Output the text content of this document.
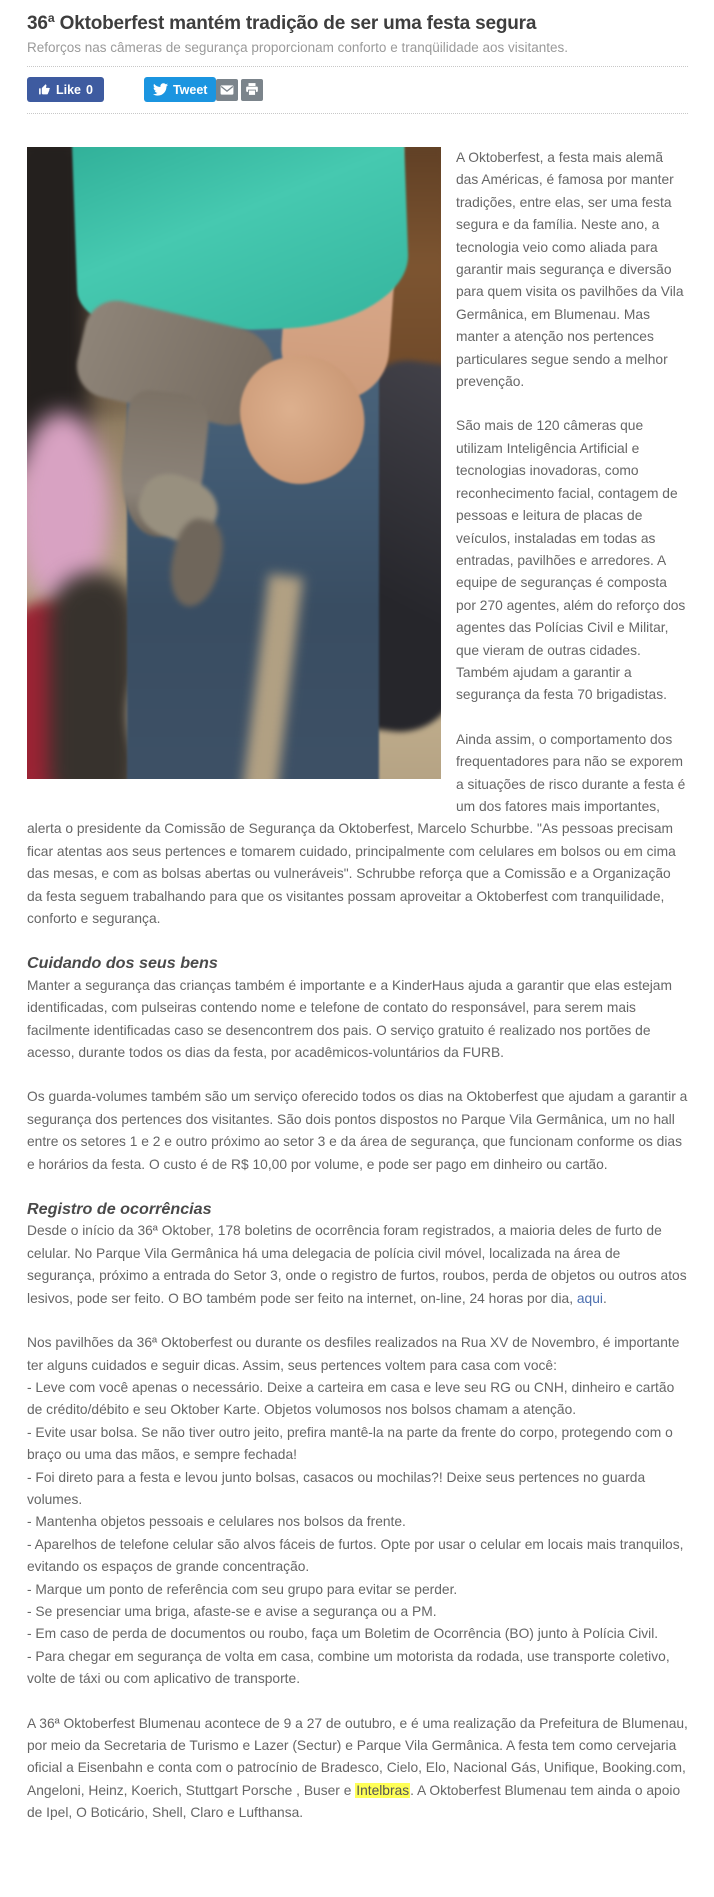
36ª Oktoberfest mantém tradição de ser uma festa segura

Reforços nas câmeras de segurança proporcionam conforto e tranqüilidade aos visitantes.

Like 0	Tweet

A Oktoberfest, a festa mais alemã das Américas, é famosa por manter tradições, entre elas, ser uma festa segura e da família. Neste ano, a tecnologia veio como aliada para garantir mais segurança e diversão para quem visita os pavilhões da Vila Germânica, em Blumenau. Mas manter a atenção nos pertences particulares segue sendo a melhor prevenção.

São mais de 120 câmeras que utilizam Inteligência Artificial e tecnologias inovadoras, como reconhecimento facial, contagem de pessoas e leitura de placas de veículos, instaladas em todas as entradas, pavilhões e arredores. A equipe de seguranças é composta por 270 agentes, além do reforço dos agentes das Polícias Civil e Militar, que vieram de outras cidades. Também ajudam a garantir a segurança da festa 70 brigadistas.

Ainda assim, o comportamento dos frequentadores para não se exporem a situações de risco durante a festa é um dos fatores mais importantes, alerta o presidente da Comissão de Segurança da Oktoberfest, Marcelo Schurbbe. "As pessoas precisam ficar atentas aos seus pertences e tomarem cuidado, principalmente com celulares em bolsos ou em cima das mesas, e com as bolsas abertas ou vulneráveis". Schrubbe reforça que a Comissão e a Organização da festa seguem trabalhando para que os visitantes possam aproveitar a Oktoberfest com tranquilidade, conforto e segurança.

Cuidando dos seus bens

Manter a segurança das crianças também é importante e a KinderHaus ajuda a garantir que elas estejam identificadas, com pulseiras contendo nome e telefone de contato do responsável, para serem mais facilmente identificadas caso se desencontrem dos pais. O serviço gratuito é realizado nos portões de acesso, durante todos os dias da festa, por acadêmicos-voluntários da FURB.

Os guarda-volumes também são um serviço oferecido todos os dias na Oktoberfest que ajudam a garantir a segurança dos pertences dos visitantes. São dois pontos dispostos no Parque Vila Germânica, um no hall entre os setores 1 e 2 e outro próximo ao setor 3 e da área de segurança, que funcionam conforme os dias e horários da festa. O custo é de R$ 10,00 por volume, e pode ser pago em dinheiro ou cartão.

Registro de ocorrências

Desde o início da 36ª Oktober, 178 boletins de ocorrência foram registrados, a maioria deles de furto de celular. No Parque Vila Germânica há uma delegacia de polícia civil móvel, localizada na área de segurança, próximo a entrada do Setor 3, onde o registro de furtos, roubos, perda de objetos ou outros atos lesivos, pode ser feito. O BO também pode ser feito na internet, on-line, 24 horas por dia, aqui.

Nos pavilhões da 36ª Oktoberfest ou durante os desfiles realizados na Rua XV de Novembro, é importante ter alguns cuidados e seguir dicas. Assim, seus pertences voltem para casa com você:
- Leve com você apenas o necessário. Deixe a carteira em casa e leve seu RG ou CNH, dinheiro e cartão de crédito/débito e seu Oktober Karte. Objetos volumosos nos bolsos chamam a atenção.
- Evite usar bolsa. Se não tiver outro jeito, prefira mantê-la na parte da frente do corpo, protegendo com o braço ou uma das mãos, e sempre fechada!
- Foi direto para a festa e levou junto bolsas, casacos ou mochilas?! Deixe seus pertences no guarda volumes.
- Mantenha objetos pessoais e celulares nos bolsos da frente.
- Aparelhos de telefone celular são alvos fáceis de furtos. Opte por usar o celular em locais mais tranquilos, evitando os espaços de grande concentração.
- Marque um ponto de referência com seu grupo para evitar se perder.
- Se presenciar uma briga, afaste-se e avise a segurança ou a PM.
- Em caso de perda de documentos ou roubo, faça um Boletim de Ocorrência (BO) junto à Polícia Civil.
- Para chegar em segurança de volta em casa, combine um motorista da rodada, use transporte coletivo, volte de táxi ou com aplicativo de transporte.

A 36ª Oktoberfest Blumenau acontece de 9 a 27 de outubro, e é uma realização da Prefeitura de Blumenau, por meio da Secretaria de Turismo e Lazer (Sectur) e Parque Vila Germânica. A festa tem como cervejaria oficial a Eisenbahn e conta com o patrocínio de Bradesco, Cielo, Elo, Nacional Gás, Unifique, Booking.com, Angeloni, Heinz, Koerich, Stuttgart Porsche , Buser e Intelbras. A Oktoberfest Blumenau tem ainda o apoio de Ipel, O Boticário, Shell, Claro e Lufthansa.
